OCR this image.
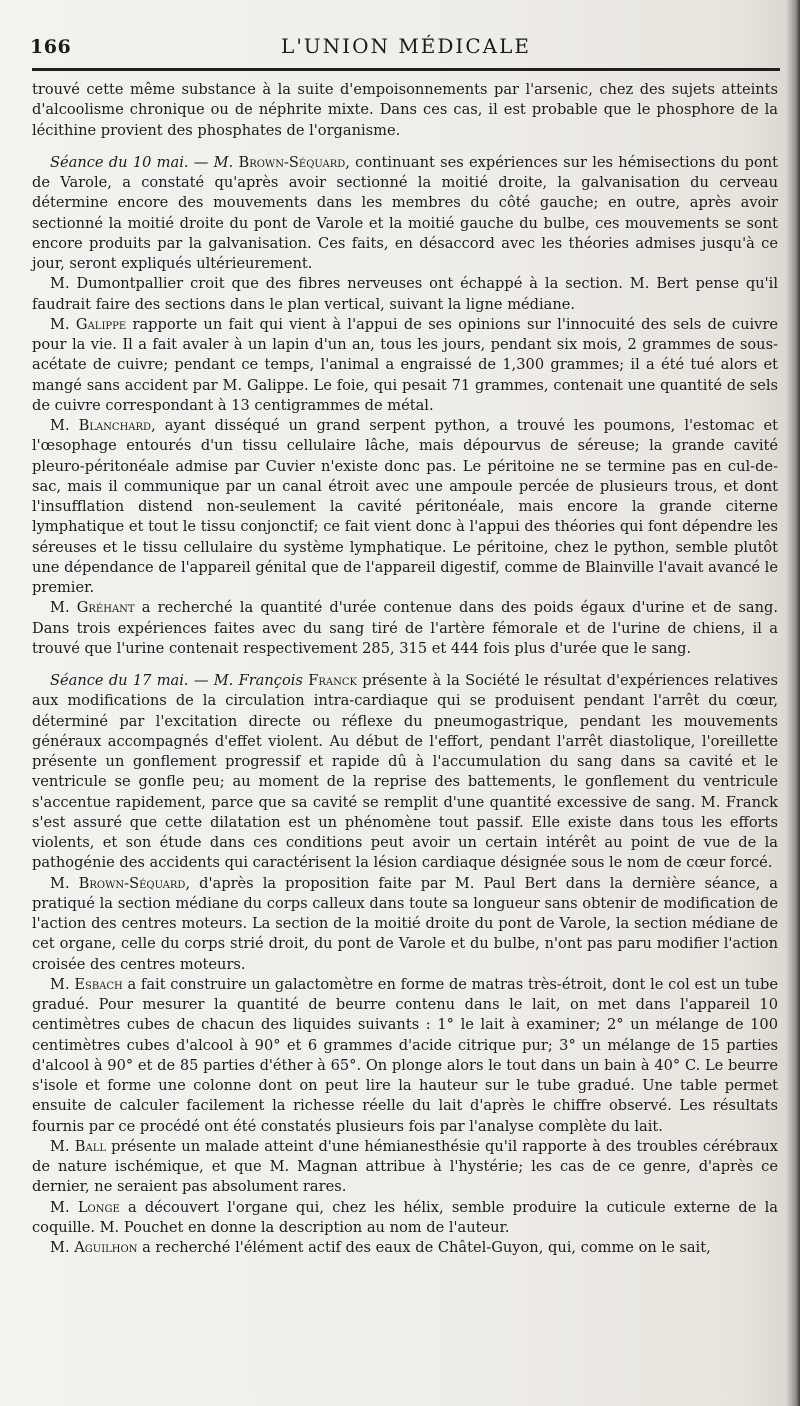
166	L'UNION MÉDICALE

trouvé cette même substance à la suite d'empoisonnements par l'arsenic, chez des sujets atteints d'alcoolisme chronique ou de néphrite mixte. Dans ces cas, il est probable que le phosphore de la lécithine provient des phosphates de l'organisme.

Séance du 10 mai. — M. Brown-Séquard, continuant ses expériences sur les hémisections du pont de Varole, a constaté qu'après avoir sectionné la moitié droite, la galvanisation du cerveau détermine encore des mouvements dans les membres du côté gauche; en outre, après avoir sectionné la moitié droite du pont de Varole et la moitié gauche du bulbe, ces mouvements se sont encore produits par la galvanisation. Ces faits, en désaccord avec les théories admises jusqu'à ce jour, seront expliqués ultérieurement.

M. Dumontpallier croit que des fibres nerveuses ont échappé à la section. M. Bert pense qu'il faudrait faire des sections dans le plan vertical, suivant la ligne médiane.

M. Galippe rapporte un fait qui vient à l'appui de ses opinions sur l'innocuité des sels de cuivre pour la vie. Il a fait avaler à un lapin d'un an, tous les jours, pendant six mois, 2 grammes de sous-acétate de cuivre; pendant ce temps, l'animal a engraissé de 1,300 grammes; il a été tué alors et mangé sans accident par M. Galippe. Le foie, qui pesait 71 grammes, contenait une quantité de sels de cuivre correspondant à 13 centigrammes de métal.

M. Blanchard, ayant disséqué un grand serpent python, a trouvé les poumons, l'estomac et l'œsophage entourés d'un tissu cellulaire lâche, mais dépourvus de séreuse; la grande cavité pleuro-péritonéale admise par Cuvier n'existe donc pas. Le péritoine ne se termine pas en cul-de-sac, mais il communique par un canal étroit avec une ampoule percée de plusieurs trous, et dont l'insufflation distend non-seulement la cavité péritonéale, mais encore la grande citerne lymphatique et tout le tissu conjonctif; ce fait vient donc à l'appui des théories qui font dépendre les séreuses et le tissu cellulaire du système lymphatique. Le péritoine, chez le python, semble plutôt une dépendance de l'appareil génital que de l'appareil digestif, comme de Blainville l'avait avancé le premier.

M. Gréhant a recherché la quantité d'urée contenue dans des poids égaux d'urine et de sang. Dans trois expériences faites avec du sang tiré de l'artère fémorale et de l'urine de chiens, il a trouvé que l'urine contenait respectivement 285, 315 et 444 fois plus d'urée que le sang.

Séance du 17 mai. — M. François Franck présente à la Société le résultat d'expériences relatives aux modifications de la circulation intra-cardiaque qui se produisent pendant l'arrêt du cœur, déterminé par l'excitation directe ou réflexe du pneumogastrique, pendant les mouvements généraux accompagnés d'effet violent. Au début de l'effort, pendant l'arrêt diastolique, l'oreillette présente un gonflement progressif et rapide dû à l'accumulation du sang dans sa cavité et le ventricule se gonfle peu; au moment de la reprise des battements, le gonflement du ventricule s'accentue rapidement, parce que sa cavité se remplit d'une quantité excessive de sang. M. Franck s'est assuré que cette dilatation est un phénomène tout passif. Elle existe dans tous les efforts violents, et son étude dans ces conditions peut avoir un certain intérêt au point de vue de la pathogénie des accidents qui caractérisent la lésion cardiaque désignée sous le nom de cœur forcé.

M. Brown-Séquard, d'après la proposition faite par M. Paul Bert dans la dernière séance, a pratiqué la section médiane du corps calleux dans toute sa longueur sans obtenir de modification de l'action des centres moteurs. La section de la moitié droite du pont de Varole, la section médiane de cet organe, celle du corps strié droit, du pont de Varole et du bulbe, n'ont pas paru modifier l'action croisée des centres moteurs.

M. Esbach a fait construire un galactomètre en forme de matras très-étroit, dont le col est un tube gradué. Pour mesurer la quantité de beurre contenu dans le lait, on met dans l'appareil 10 centimètres cubes de chacun des liquides suivants : 1° le lait à examiner; 2° un mélange de 100 centimètres cubes d'alcool à 90° et 6 grammes d'acide citrique pur; 3° un mélange de 15 parties d'alcool à 90° et de 85 parties d'éther à 65°. On plonge alors le tout dans un bain à 40° C. Le beurre s'isole et forme une colonne dont on peut lire la hauteur sur le tube gradué. Une table permet ensuite de calculer facilement la richesse réelle du lait d'après le chiffre observé. Les résultats fournis par ce procédé ont été constatés plusieurs fois par l'analyse complète du lait.

M. Ball présente un malade atteint d'une hémianesthésie qu'il rapporte à des troubles cérébraux de nature ischémique, et que M. Magnan attribue à l'hystérie; les cas de ce genre, d'après ce dernier, ne seraient pas absolument rares.

M. Longe a découvert l'organe qui, chez les hélix, semble produire la cuticule externe de la coquille. M. Pouchet en donne la description au nom de l'auteur.

M. Aguilhon a recherché l'élément actif des eaux de Châtel-Guyon, qui, comme on le sait,
